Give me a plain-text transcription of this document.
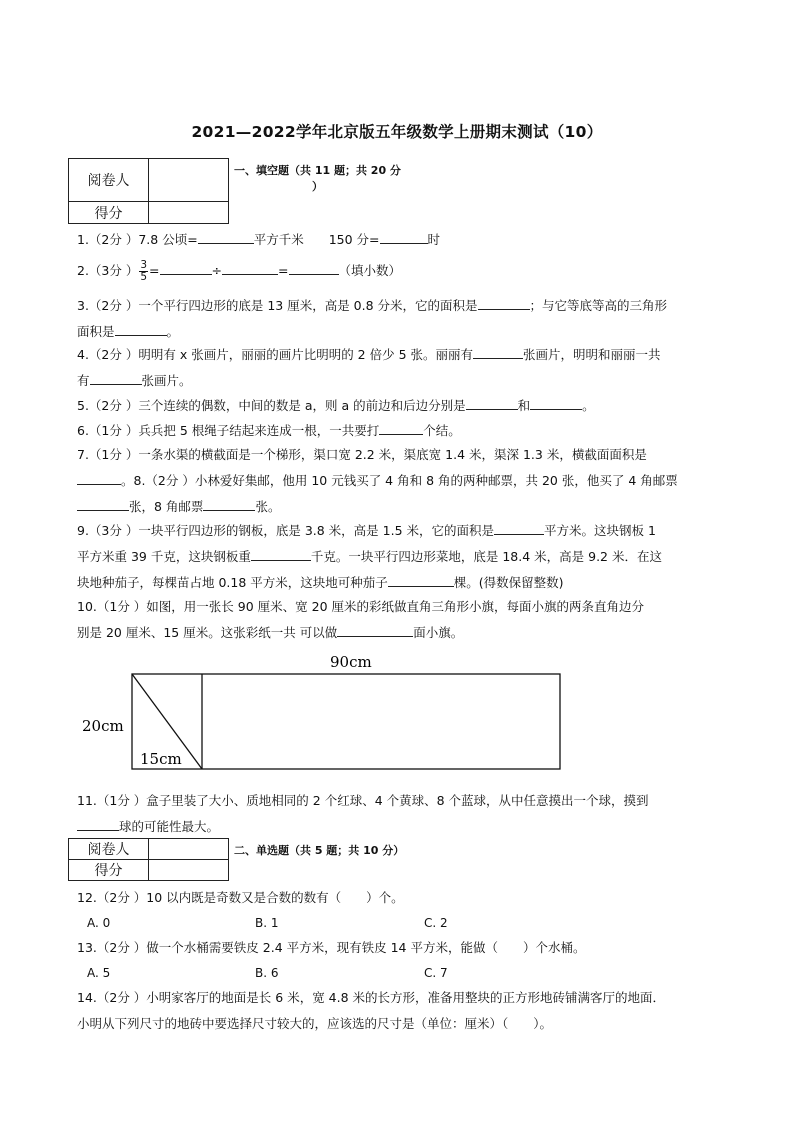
2021—2022学年北京版五年级数学上册期末测试（10）
阅卷人	
得分	
一、填空题（共 11 题；共 20 分
）
1.（2分 ）7.8 公顷=	平方千米　　150 分=	时
2.（3分 ） $\frac{3}{5}$ =	÷	=	（填小数）
3.（2分 ）一个平行四边形的底是 13 厘米，高是 0.8 分米，它的面积是	；与它等底等高的三角形
面积是	。
4.（2分 ）明明有 x 张画片，丽丽的画片比明明的 2 倍少 5 张。丽丽有	张画片，明明和丽丽一共
有	张画片。
5.（2分 ）三个连续的偶数，中间的数是 a，则 a 的前边和后边分别是	和	。
6.（1分 ）兵兵把 5 根绳子结起来连成一根，一共要打	个结。
7.（1分 ）一条水渠的横截面是一个梯形，渠口宽 2.2 米，渠底宽 1.4 米，渠深 1.3 米，横截面面积是
。8.（2分 ）小林爱好集邮，他用 10 元钱买了 4 角和 8 角的两种邮票，共 20 张，他买了 4 角邮票
张，8 角邮票	张。
9.（3分 ）一块平行四边形的钢板，底是 3.8 米，高是 1.5 米，它的面积是	平方米。这块钢板 1
平方米重 39 千克，这块钢板重	千克。一块平行四边形菜地，底是 18.4 米，高是 9.2 米．在这
块地种茄子，每棵苗占地 0.18 平方米，这块地可种茄子	棵。(得数保留整数)
10.（1分 ）如图，用一张长 90 厘米、宽 20 厘米的彩纸做直角三角形小旗，每面小旗的两条直角边分
别是 20 厘米、15 厘米。这张彩纸一共 可以做	面小旗。
90cm
20cm
15cm
11.（1分 ）盒子里装了大小、质地相同的 2 个红球、4 个黄球、8 个蓝球，从中任意摸出一个球，摸到
球的可能性最大。
阅卷人	
得分	
二、单选题（共 5 题；共 10 分）
12.（2分 ）10 以内既是奇数又是合数的数有（　　）个。
A. 0	B. 1	C. 2
13.（2分 ）做一个水桶需要铁皮 2.4 平方米，现有铁皮 14 平方米，能做（　　）个水桶。
A. 5	B. 6	C. 7
14.（2分 ）小明家客厅的地面是长 6 米，宽 4.8 米的长方形，准备用整块的正方形地砖铺满客厅的地面．
小明从下列尺寸的地砖中要选择尺寸较大的，应该选的尺寸是（单位：厘米）（　　）。
